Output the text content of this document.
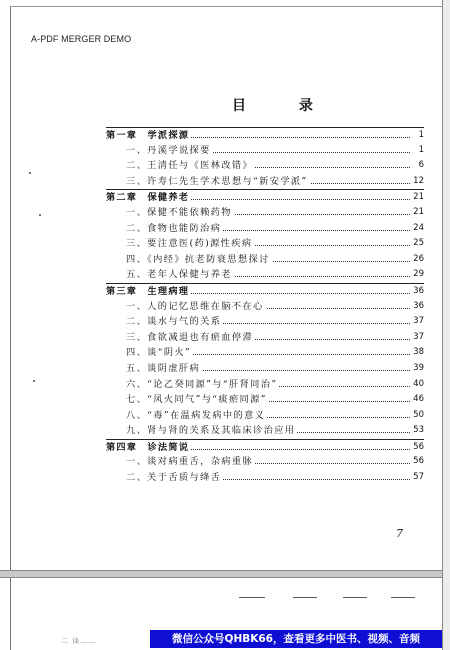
A-PDF MERGER DEMO
目 录
第一章　学派探源	1
一、丹溪学说探要	1
二、王清任与《医林改错》	6
三、许寿仁先生学术思想与“新安学派”	12
第二章　保健养老	21
一、保健不能依赖药物	21
二、食物也能防治病	24
三、要注意医(药)源性疾病	25
四、《内经》抗老防衰思想探讨	26
五、老年人保健与养老	29
第三章　生理病理	36
一、人的记忆思维在脑不在心	36
二、谈水与气的关系	37
三、食欲减退也有瘀血停滞	37
四、谈“阴火”	38
五、谈阴虚肝病	39
六、“论乙癸同源”与“肝肾同治”	40
七、“风火同气”与“痰瘀同源”	46
八、“毒”在温病发病中的意义	50
九、肾与肾的关系及其临床诊治应用	53
第四章　诊法简说	56
一、谈对病重舌，杂病重脉	56
二、关于舌质与绛舌	57
7
二 谈……	微信公众号QHBK66，查看更多中医书、视频、音频
